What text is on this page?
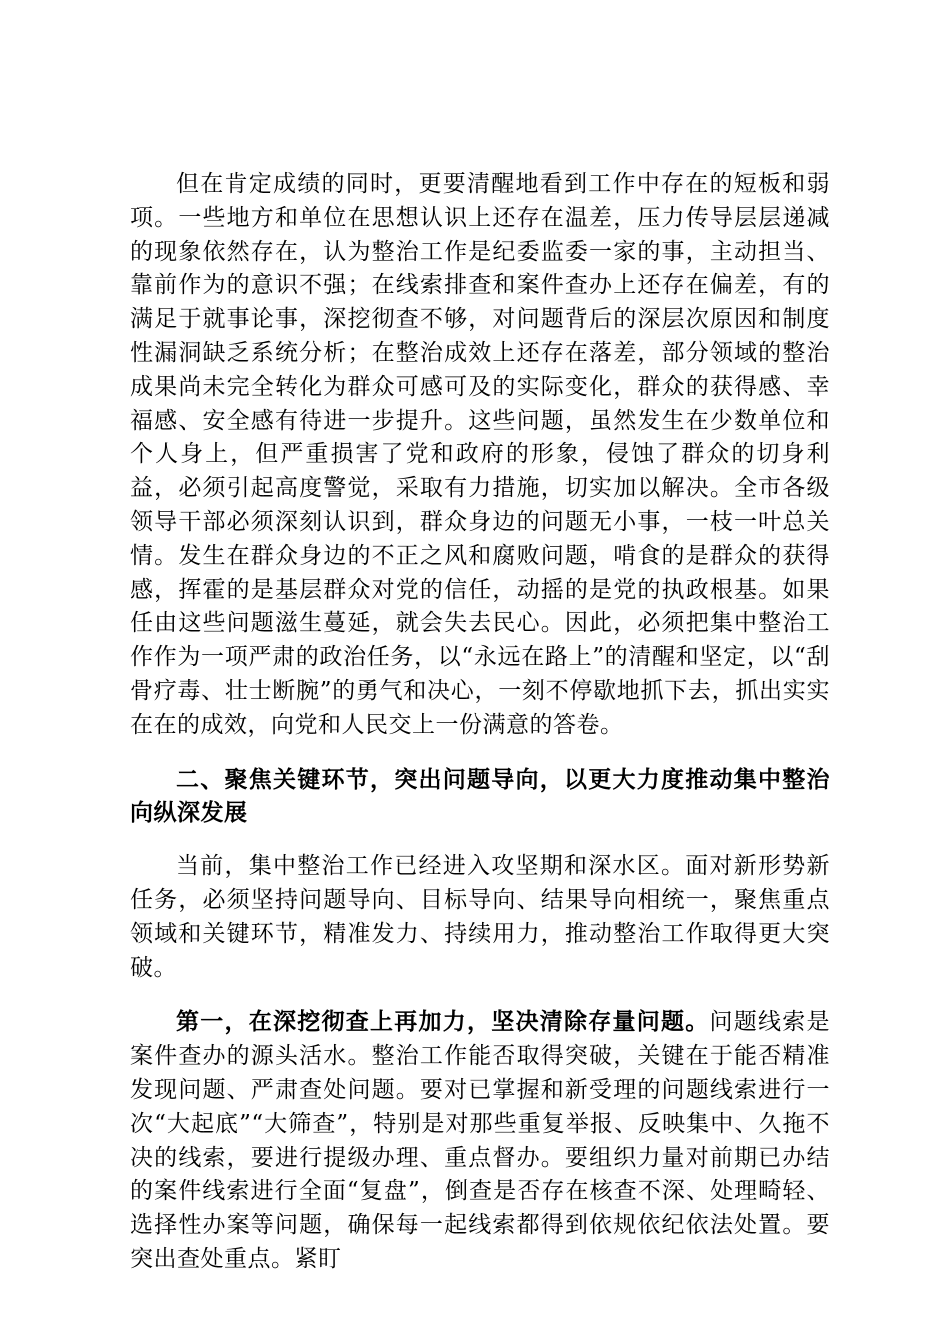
但在肯定成绩的同时，更要清醒地看到工作中存在的短板和弱项。一些地方和单位在思想认识上还存在温差，压力传导层层递减的现象依然存在，认为整治工作是纪委监委一家的事，主动担当、靠前作为的意识不强；在线索排查和案件查办上还存在偏差，有的满足于就事论事，深挖彻查不够，对问题背后的深层次原因和制度性漏洞缺乏系统分析；在整治成效上还存在落差，部分领域的整治成果尚未完全转化为群众可感可及的实际变化，群众的获得感、幸福感、安全感有待进一步提升。这些问题，虽然发生在少数单位和个人身上，但严重损害了党和政府的形象，侵蚀了群众的切身利益，必须引起高度警觉，采取有力措施，切实加以解决。全市各级领导干部必须深刻认识到，群众身边的问题无小事，一枝一叶总关情。发生在群众身边的不正之风和腐败问题，啃食的是群众的获得感，挥霍的是基层群众对党的信任，动摇的是党的执政根基。如果任由这些问题滋生蔓延，就会失去民心。因此，必须把集中整治工作作为一项严肃的政治任务，以“永远在路上”的清醒和坚定，以“刮骨疗毒、壮士断腕”的勇气和决心，一刻不停歇地抓下去，抓出实实在在的成效，向党和人民交上一份满意的答卷。

二、聚焦关键环节，突出问题导向，以更大力度推动集中整治向纵深发展

当前，集中整治工作已经进入攻坚期和深水区。面对新形势新任务，必须坚持问题导向、目标导向、结果导向相统一，聚焦重点领域和关键环节，精准发力、持续用力，推动整治工作取得更大突破。

第一，在深挖彻查上再加力，坚决清除存量问题。问题线索是案件查办的源头活水。整治工作能否取得突破，关键在于能否精准发现问题、严肃查处问题。要对已掌握和新受理的问题线索进行一次“大起底”“大筛查”，特别是对那些重复举报、反映集中、久拖不决的线索，要进行提级办理、重点督办。要组织力量对前期已办结的案件线索进行全面“复盘”，倒查是否存在核查不深、处理畸轻、选择性办案等问题，确保每一起线索都得到依规依纪依法处置。要突出查处重点。紧盯
